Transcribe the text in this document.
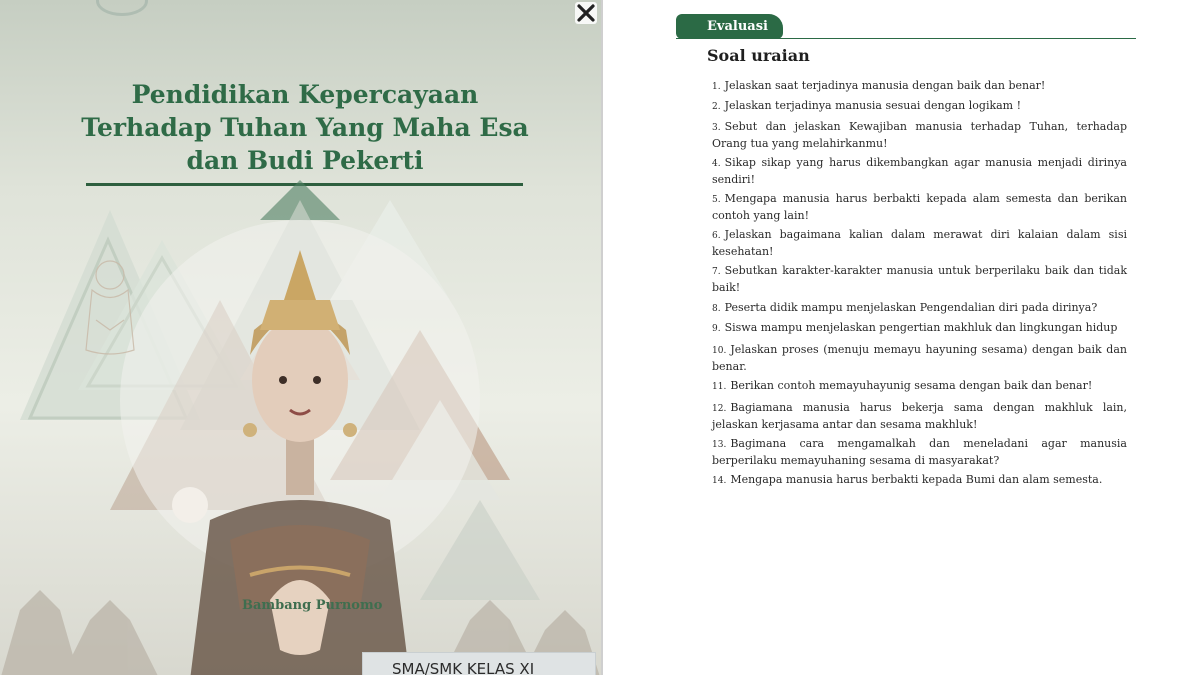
Pendidikan Kepercayaan
Terhadap Tuhan Yang Maha Esa
dan Budi Pekerti

Bambang Purnomo

SMA/SMK KELAS XI

Evaluasi

Soal uraian
1. Jelaskan saat terjadinya manusia dengan baik dan benar!
2. Jelaskan terjadinya manusia sesuai dengan logikam !
3. Sebut dan jelaskan Kewajiban manusia terhadap Tuhan, terhadap Orang tua yang melahirkanmu!
4. Sikap sikap yang harus dikembangkan agar manusia menjadi dirinya sendiri!
5. Mengapa manusia harus berbakti kepada alam semesta dan berikan contoh yang lain!
6. Jelaskan bagaimana kalian dalam merawat diri kalaian dalam sisi kesehatan!
7. Sebutkan karakter-karakter manusia untuk berperilaku baik dan tidak baik!
8. Peserta didik mampu menjelaskan Pengendalian diri pada dirinya?
9. Siswa mampu menjelaskan pengertian makhluk dan lingkungan hidup
10. Jelaskan proses (menuju memayu hayuning sesama) dengan baik dan benar.
11. Berikan contoh memayuhayunig sesama dengan baik dan benar!
12. Bagiamana manusia harus bekerja sama dengan makhluk lain, jelaskan kerjasama antar dan sesama makhluk!
13. Bagimana cara mengamalkah dan meneladani agar manusia berperilaku memayuhaning sesama di masyarakat?
14. Mengapa manusia harus berbakti kepada Bumi dan alam semesta.
